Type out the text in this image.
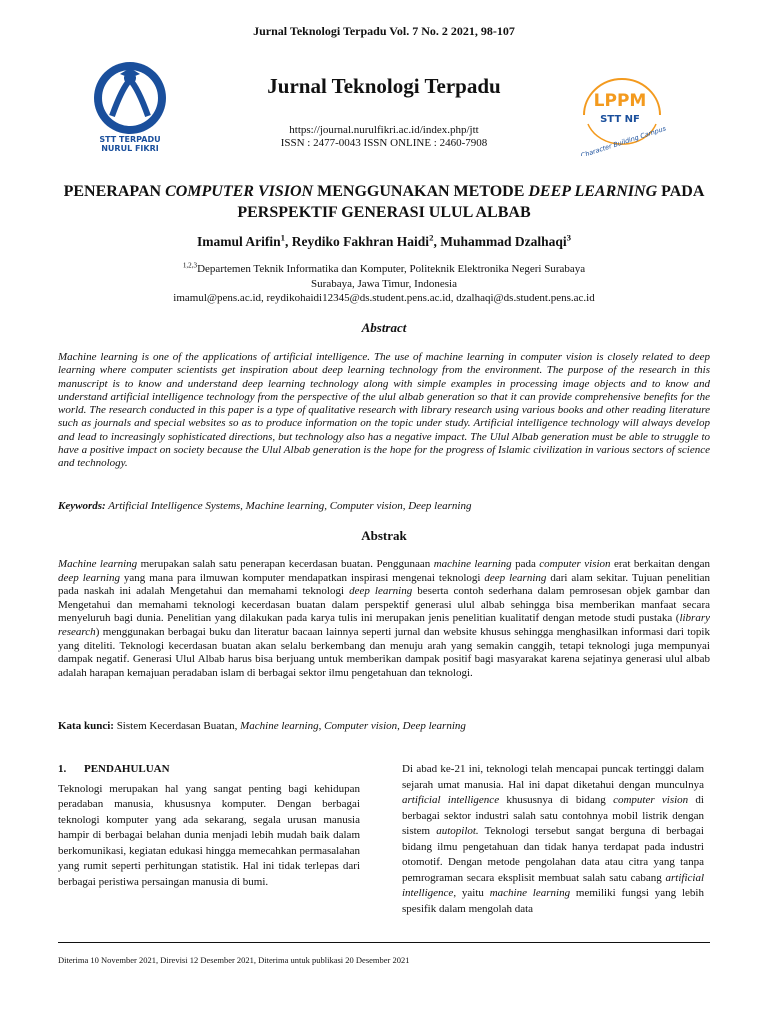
Jurnal Teknologi Terpadu Vol. 7 No. 2 2021, 98-107
STT TERPADU
NURUL FIKRI
Jurnal Teknologi Terpadu
https://journal.nurulfikri.ac.id/index.php/jtt
ISSN : 2477-0043 ISSN ONLINE : 2460-7908
LPPM
STT NF
Character Building Campus
PENERAPAN COMPUTER VISION MENGGUNAKAN METODE DEEP LEARNING PADA PERSPEKTIF GENERASI ULUL ALBAB
Imamul Arifin$^1$, Reydiko Fakhran Haidi$^2$, Muhammad Dzalhaqi$^3$
$^{1,2,3}$Departemen Teknik Informatika dan Komputer, Politeknik Elektronika Negeri Surabaya
Surabaya, Jawa Timur, Indonesia
imamul@pens.ac.id, reydikohaidi12345@ds.student.pens.ac.id, dzalhaqi@ds.student.pens.ac.id
Abstract

Machine learning is one of the applications of artificial intelligence. The use of machine learning in computer vision is closely related to deep learning where computer scientists get inspiration about deep learning technology from the environment. The purpose of the research in this manuscript is to know and understand deep learning technology along with simple examples in processing image objects and to know and understand artificial intelligence technology from the perspective of the ulul albab generation so that it can provide comprehensive benefits for the world. The research conducted in this paper is a type of qualitative research with library research using various books and other reading literature such as journals and special websites so as to produce information on the topic under study. Artificial intelligence technology will always develop and lead to increasingly sophisticated directions, but technology also has a negative impact. The Ulul Albab generation must be able to struggle to have a positive impact on society because the Ulul Albab generation is the hope for the progress of Islamic civilization in various sectors of science and technology.

Keywords: Artificial Intelligence Systems, Machine learning, Computer vision, Deep learning
Abstrak

Machine learning merupakan salah satu penerapan kecerdasan buatan. Penggunaan machine learning pada computer vision erat berkaitan dengan deep learning yang mana para ilmuwan komputer mendapatkan inspirasi mengenai teknologi deep learning dari alam sekitar. Tujuan penelitian pada naskah ini adalah Mengetahui dan memahami teknologi deep learning beserta contoh sederhana dalam pemrosesan objek gambar dan Mengetahui dan memahami teknologi kecerdasan buatan dalam perspektif generasi ulul albab sehingga bisa memberikan manfaat secara menyeluruh bagi dunia. Penelitian yang dilakukan pada karya tulis ini merupakan jenis penelitian kualitatif dengan metode studi pustaka (library research) menggunakan berbagai buku dan literatur bacaan lainnya seperti jurnal dan website khusus sehingga menghasilkan informasi dari topik yang diteliti. Teknologi kecerdasan buatan akan selalu berkembang dan menuju arah yang semakin canggih, tetapi teknologi juga mempunyai dampak negatif. Generasi Ulul Albab harus bisa berjuang untuk memberikan dampak positif bagi masyarakat karena sejatinya generasi ulul albab adalah harapan kemajuan peradaban islam di berbagai sektor ilmu pengetahuan dan teknologi.

Kata kunci: Sistem Kecerdasan Buatan, Machine learning, Computer vision, Deep learning
1. PENDAHULUAN

Teknologi merupakan hal yang sangat penting bagi kehidupan peradaban manusia, khususnya komputer. Dengan berbagai teknologi komputer yang ada sekarang, segala urusan manusia hampir di berbagai belahan dunia menjadi lebih mudah baik dalam berkomunikasi, kegiatan edukasi hingga memecahkan permasalahan yang rumit seperti perhitungan statistik. Hal ini tidak terlepas dari berbagai peristiwa persaingan manusia di bumi.

Di abad ke-21 ini, teknologi telah mencapai puncak tertinggi dalam sejarah umat manusia. Hal ini dapat diketahui dengan munculnya artificial intelligence khususnya di bidang computer vision di berbagai sektor industri salah satu contohnya mobil listrik dengan sistem autopilot. Teknologi tersebut sangat berguna di berbagai bidang ilmu pengetahuan dan tidak hanya terdapat pada industri otomotif. Dengan metode pengolahan data atau citra yang tanpa pemrograman secara eksplisit membuat salah satu cabang artificial intelligence, yaitu machine learning memiliki fungsi yang lebih spesifik dalam mengolah data

Diterima 10 November 2021, Direvisi 12 Desember 2021, Diterima untuk publikasi 20 Desember 2021
